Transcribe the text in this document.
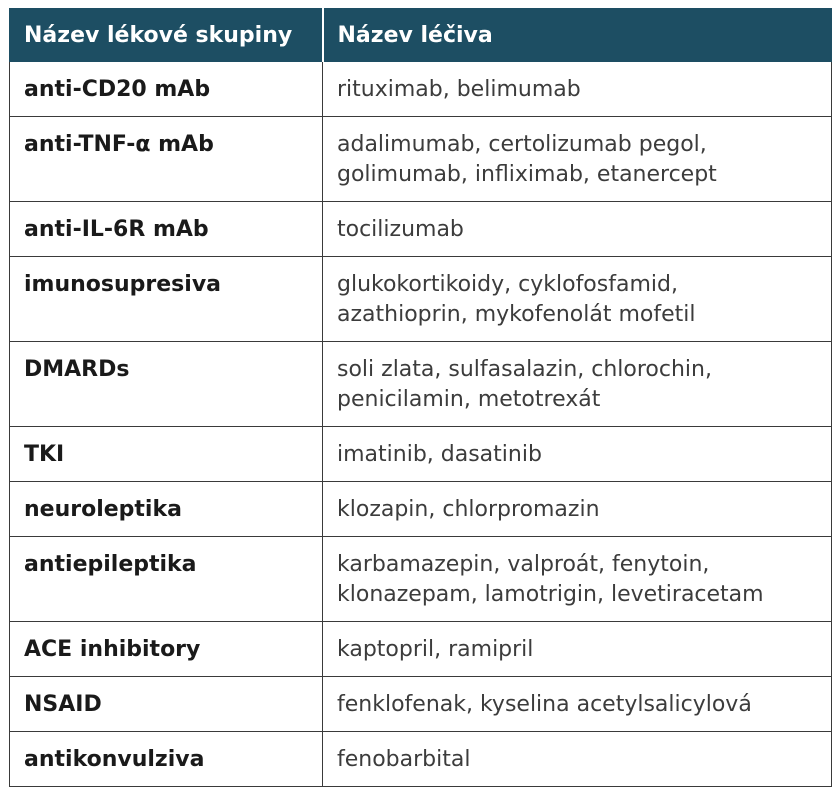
Název lékové skupiny	Název léčiva
anti-CD20 mAb	rituximab, belimumab

anti-TNF-α mAb	adalimumab, certolizumab pegol,
golimumab, infliximab, etanercept

anti-IL-6R mAb	tocilizumab

imunosupresiva	glukokortikoidy, cyklofosfamid,
azathioprin, mykofenolát mofetil

DMARDs	soli zlata, sulfasalazin, chlorochin,
penicilamin, metotrexát

TKI	imatinib, dasatinib

neuroleptika	klozapin, chlorpromazin

antiepileptika	karbamazepin, valproát, fenytoin,
klonazepam, lamotrigin, levetiracetam

ACE inhibitory	kaptopril, ramipril

NSAID	fenklofenak, kyselina acetylsalicylová

antikonvulziva	fenobarbital
